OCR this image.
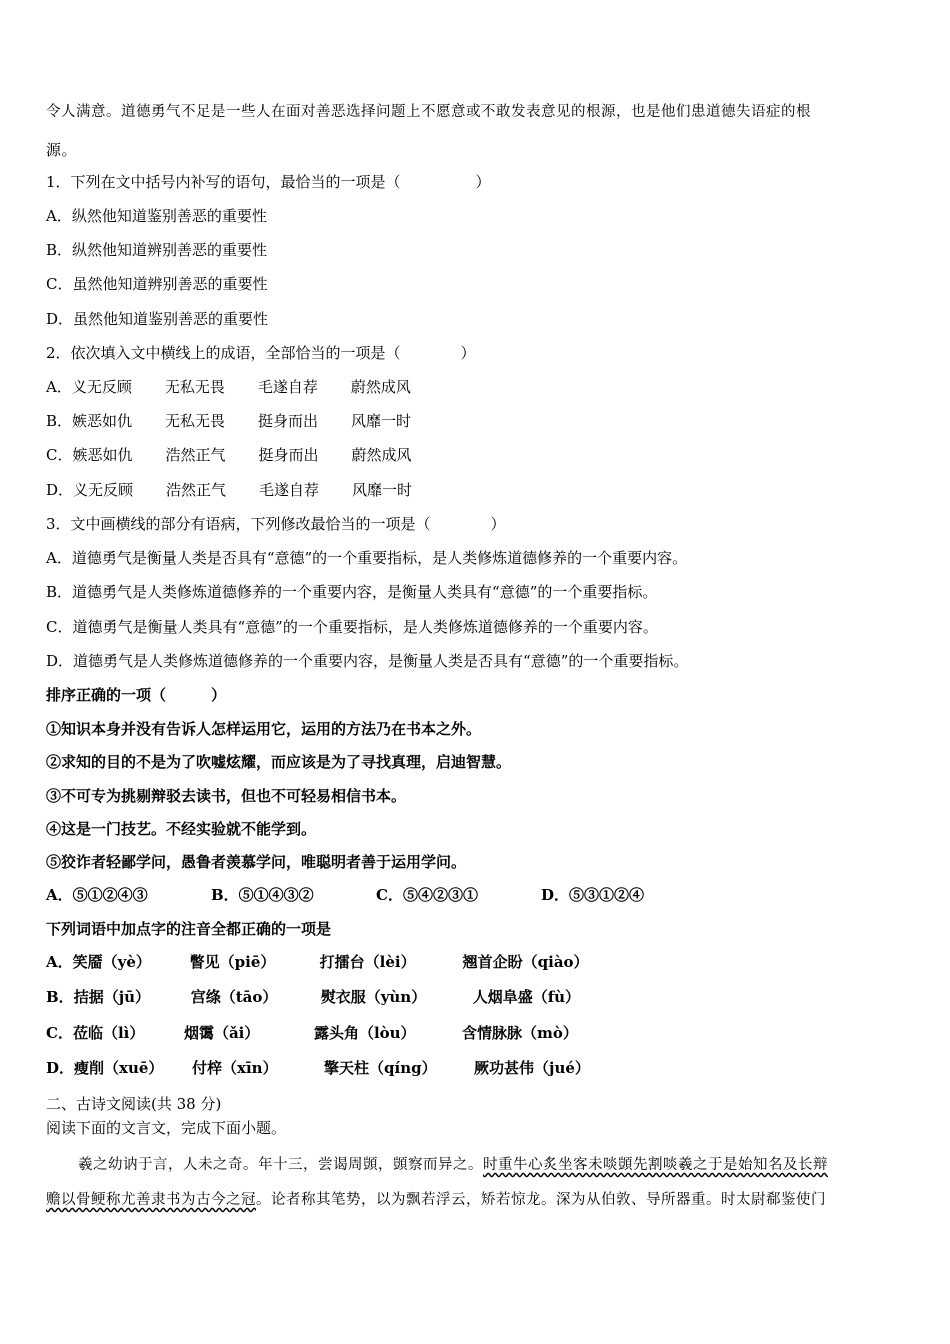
令人满意。道德勇气不足是一些人在面对善恶选择问题上不愿意或不敢发表意见的根源，也是他们患道德失语症的根
源。
1．下列在文中括号内补写的语句，最恰当的一项是（　　　　　）
A．纵然他知道鉴别善恶的重要性
B．纵然他知道辨别善恶的重要性
C．虽然他知道辨别善恶的重要性
D．虽然他知道鉴别善恶的重要性
2．依次填入文中横线上的成语，全部恰当的一项是（　　　　）
A．义无反顾 无私无畏 毛遂自荐 蔚然成风
B．嫉恶如仇 无私无畏 挺身而出 风靡一时
C．嫉恶如仇 浩然正气 挺身而出 蔚然成风
D．义无反顾 浩然正气 毛遂自荐 风靡一时
3．文中画横线的部分有语病，下列修改最恰当的一项是（　　　　）
A．道德勇气是衡量人类是否具有“意德”的一个重要指标，是人类修炼道德修养的一个重要内容。
B．道德勇气是人类修炼道德修养的一个重要内容，是衡量人类具有“意德”的一个重要指标。
C．道德勇气是衡量人类具有“意德”的一个重要指标，是人类修炼道德修养的一个重要内容。
D．道德勇气是人类修炼道德修养的一个重要内容，是衡量人类是否具有“意德”的一个重要指标。
排序正确的一项（　　　）
①知识本身并没有告诉人怎样运用它，运用的方法乃在书本之外。
②求知的目的不是为了吹嘘炫耀，而应该是为了寻找真理，启迪智慧。
③不可专为挑剔辩驳去读书，但也不可轻易相信书本。
④这是一门技艺。不经实验就不能学到。
⑤狡诈者轻鄙学问，愚鲁者羡慕学问，唯聪明者善于运用学问。
A．⑤①②④③	B．⑤①④③②	C．⑤④②③①	D．⑤③①②④
下列词语中加点字的注音全都正确的一项是
A．笑靥（yè）	瞥见（piē）	打擂台（lèi）	翘首企盼（qiào）
B．拮据（jū）	宫绦（tāo）	熨衣服（yùn）	人烟阜盛（fù）
C．莅临（lì）	烟霭（ǎi）	露头角（lòu）	含情脉脉（mò）
D．瘦削（xuē） 付梓（xīn）	擎天柱（qíng） 厥功甚伟（jué）
二、古诗文阅读(共 38 分)
阅读下面的文言文，完成下面小题。
羲之幼讷于言，人未之奇。年十三，尝谒周顗，顗察而异之。时重牛心炙坐客未啖顗先割啖羲之于是始知名及长辩
赡以骨鲠称尤善隶书为古今之冠。论者称其笔势，以为飘若浮云，矫若惊龙。深为从伯敦、导所器重。时太尉郗鉴使门
